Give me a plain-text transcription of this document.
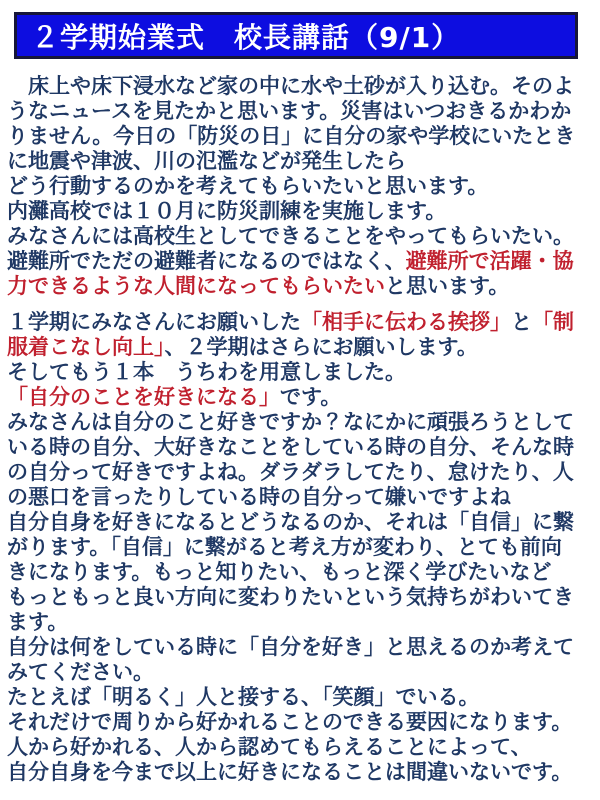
２学期始業式　校長講話（9/1）
　床上や床下浸水など家の中に水や土砂が入り込む。そのよ
うなニュースを見たかと思います。災害はいつおきるかわか
りません。今日の「防災の日」に自分の家や学校にいたとき
に地震や津波、川の氾濫などが発生したら
どう行動するのかを考えてもらいたいと思います。
内灘高校では１０月に防災訓練を実施します。
みなさんには高校生としてできることをやってもらいたい。
避難所でただの避難者になるのではなく、避難所で活躍・協
力できるような人間になってもらいたいと思います。
１学期にみなさんにお願いした「相手に伝わる挨拶」と「制
服着こなし向上」、２学期はさらにお願いします。
そしてもう１本　うちわを用意しました。
「自分のことを好きになる」です。
みなさんは自分のこと好きですか？なにかに頑張ろうとして
いる時の自分、大好きなことをしている時の自分、そんな時
の自分って好きですよね。ダラダラしてたり、怠けたり、人
の悪口を言ったりしている時の自分って嫌いですよね
自分自身を好きになるとどうなるのか、それは「自信」に繋
がります。「自信」に繋がると考え方が変わり、とても前向
きになります。もっと知りたい、もっと深く学びたいなど
もっともっと良い方向に変わりたいという気持ちがわいてき
ます。
自分は何をしている時に「自分を好き」と思えるのか考えて
みてください。
たとえば「明るく」人と接する、「笑顔」でいる。
それだけで周りから好かれることのできる要因になります。
人から好かれる、人から認めてもらえることによって、
自分自身を今まで以上に好きになることは間違いないです。
